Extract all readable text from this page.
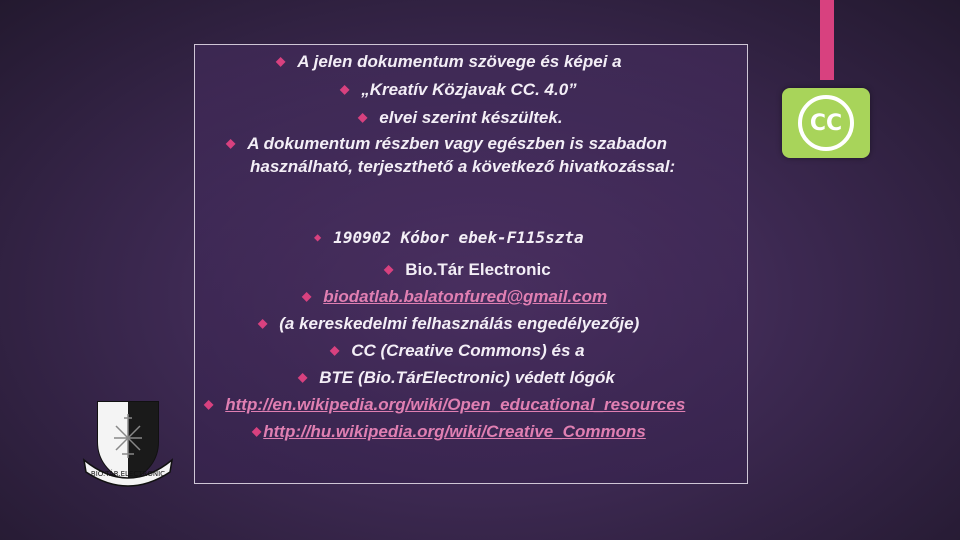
◆ A jelen dokumentum szövege és képei a
◆ „Kreatív Közjavak CC. 4.0”
◆ elvei szerint készültek.
◆ A dokumentum részben vagy egészben is szabadon
használható, terjeszthető a következő hivatkozással:
◆ 190902 Kóbor ebek-F115szta
◆ Bio.Tár Electronic
◆ biodatlab.balatonfured@gmail.com
◆ (a kereskedelmi felhasználás engedélyezője)
◆ CC (Creative Commons) és a
◆ BTE (Bio.TárElectronic) védett lógók
◆ http://en.wikipedia.org/wiki/Open_educational_resources
◆ http://hu.wikipedia.org/wiki/Creative_Commons
CC
BIO.TÁR.ELECTRONIC
